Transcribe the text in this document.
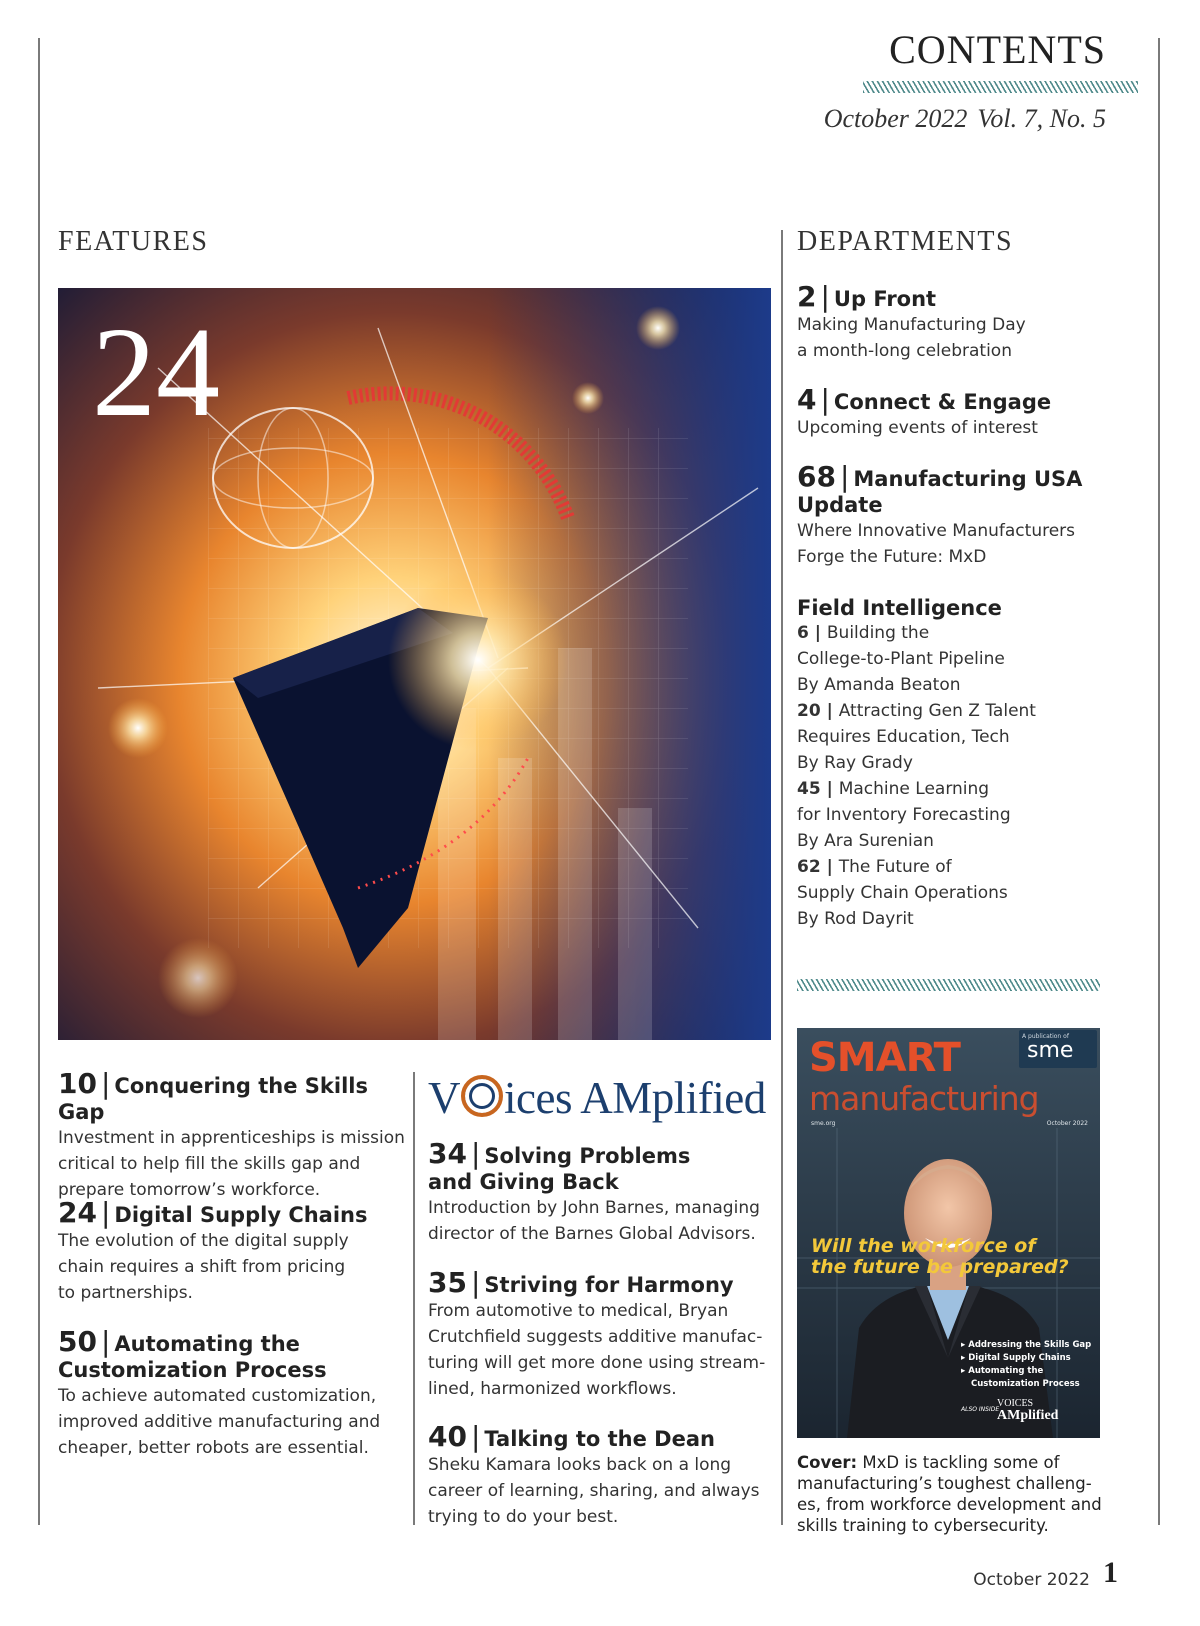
CONTENTS
October 2022 Vol. 7, No. 5
FEATURES	DEPARTMENTS
24
10 | Conquering the Skills Gap
Investment in apprenticeships is mission
critical to help fill the skills gap and
prepare tomorrow’s workforce.
24 | Digital Supply Chains
The evolution of the digital supply
chain requires a shift from pricing
to partnerships.
50 | Automating the
Customization Process
To achieve automated customization,
improved additive manufacturing and
cheaper, better robots are essential.
V ices AMplified
34 | Solving Problems
and Giving Back
Introduction by John Barnes, managing
director of the Barnes Global Advisors.
35 | Striving for Harmony
From automotive to medical, Bryan
Crutchfield suggests additive manufac-
turing will get more done using stream-
lined, harmonized workflows.
40 | Talking to the Dean
Sheku Kamara looks back on a long
career of learning, sharing, and always
trying to do your best.
2 | Up Front
Making Manufacturing Day
a month-long celebration
4 | Connect & Engage
Upcoming events of interest
68 | Manufacturing USA
Update
Where Innovative Manufacturers
Forge the Future: MxD
Field Intelligence
6 | Building the
College-to-Plant Pipeline
By Amanda Beaton
20 | Attracting Gen Z Talent
Requires Education, Tech
By Ray Grady
45 | Machine Learning
for Inventory Forecasting
By Ara Surenian
62 | The Future of
Supply Chain Operations
By Rod Dayrit
SMART
manufacturing
A publication of
sme
sme.org	October 2022
Will the workforce of
the future be prepared?
▸ Addressing the Skills Gap
▸ Digital Supply Chains
▸ Automating the
Customization Process
ALSO INSIDE
VOICES
AMplified
Cover: MxD is tackling some of manufacturing’s toughest challeng- es, from workforce development and skills training to cybersecurity.
October 2022 1
